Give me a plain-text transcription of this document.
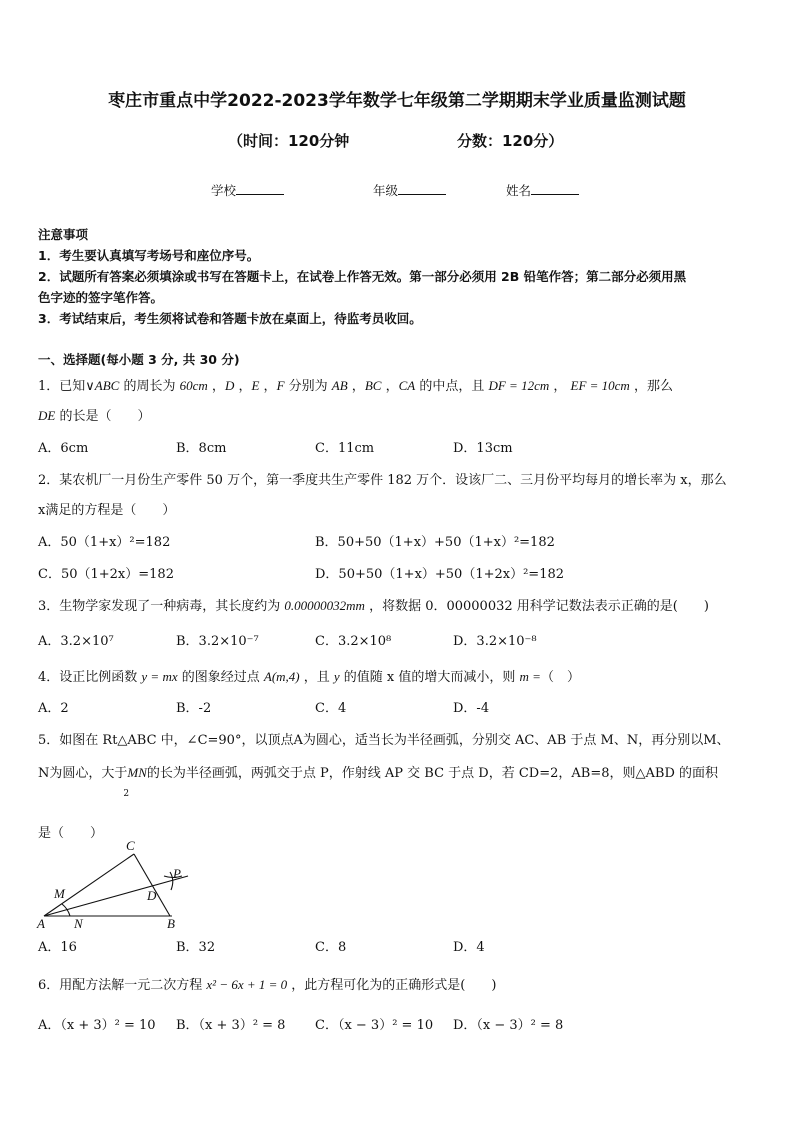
枣庄市重点中学2022-2023学年数学七年级第二学期期末学业质量监测试题
（时间：120分钟	分数：120分）
学校	年级	姓名
注意事项
1．考生要认真填写考场号和座位序号。
2．试题所有答案必须填涂或书写在答题卡上，在试卷上作答无效。第一部分必须用 2B 铅笔作答；第二部分必须用黑
色字迹的签字笔作答。
3．考试结束后，考生须将试卷和答题卡放在桌面上，待监考员收回。
一、选择题(每小题 3 分, 共 30 分)
1．已知∨ABC 的周长为 60cm ，D ，E ，F 分别为 AB ，BC ，CA 的中点，且 DF = 12cm ， EF = 10cm ，那么
DE 的长是（　　）
A．6cm	B．8cm	C．11cm	D．13cm
2．某农机厂一月份生产零件 50 万个，第一季度共生产零件 182 万个．设该厂二、三月份平均每月的增长率为 x，那么
x满足的方程是（　　）
A．50（1+x）²=182	B．50+50（1+x）+50（1+x）²=182
C．50（1+2x）=182	D．50+50（1+x）+50（1+2x）²=182
3．生物学家发现了一种病毒，其长度约为 0.00000032mm ，将数据 0．00000032 用科学记数法表示正确的是(　　)
A．3.2×10⁷	B．3.2×10⁻⁷	C．3.2×10⁸	D．3.2×10⁻⁸
4．设正比例函数 y = mx 的图象经过点 A(m,4) ，且 y 的值随 x 值的增大而减小，则 m =（　）
A．2	B．-2	C．4	D．-4
5．如图在 Rt△ABC 中，∠C=90°，以顶点A为圆心，适当长为半径画弧，分别交 AC、AB 于点 M、N，再分别以M、
N为圆心，大于MN
2
的长为半径画弧，两弧交于点 P，作射线 AP 交 BC 于点 D，若 CD=2，AB=8，则△ABD 的面积
是（　　）
C
M
P
D
A N	B
A．16	B．32	C．8	D．4
6．用配方法解一元二次方程 x² − 6x + 1 = 0 ，此方程可化为的正确形式是(　　)
A．（x + 3）² = 10 B．（x + 3）² = 8 C．（x − 3）² = 10 D．（x − 3）² = 8
